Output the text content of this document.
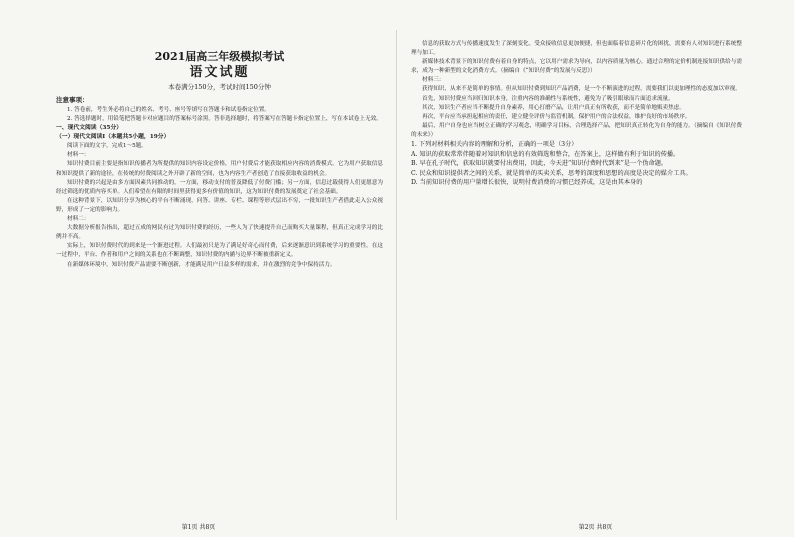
2021届高三年级模拟考试
语文试题
本卷满分150分，考试时间150分钟
注意事项：

1. 答卷前，考生务必将自己的姓名、考号、座号等填写在答题卡和试卷指定位置。

2. 答选择题时，用铅笔把答题卡对应题目的答案标号涂黑。答非选择题时，将答案写在答题卡指定位置上，写在本试卷上无效。

一、现代文阅读（35分）

（一）现代文阅读Ⅰ（本题共5小题，19分）

阅读下面的文字，完成1～5题。

材料一：

知识付费目前主要是指知识传播者为所提供的知识内容设定价格，用户付费后才能获取相应内容的消费模式。它为用户获取信息和知识提供了新的途径，在传统的付费阅读之外开辟了新的空间，也为内容生产者创造了直接获取收益的机会。

知识付费的兴起是由多方面因素共同推动的。一方面，移动支付的普及降低了付费门槛；另一方面，信息过载使得人们更愿意为经过筛选的优质内容买单。人们希望在有限的时间里获得更多有价值的知识，这为知识付费的发展奠定了社会基础。

在这种背景下，以知识分享为核心的平台不断涌现，问答、讲座、专栏、课程等形式层出不穷，一批知识生产者借此走入公众视野，形成了一定的影响力。

材料二：

大数据分析报告指出，超过五成的网民有过为知识付费的经历，一些人为了快速提升自己而购买大量课程，但真正完成学习的比例并不高。

实际上，知识付费时代的到来是一个渐进过程。人们最初只是为了满足好奇心而付费，后来逐渐意识到系统学习的重要性。在这一过程中，平台、作者和用户之间的关系也在不断调整，知识付费的内涵与边界不断被重新定义。

在新媒体环境中，知识付费产品需要不断创新，才能满足用户日益多样的需求，并在激烈的竞争中保持活力。

第1页 共8页

信息的获取方式与传播速度发生了深刻变化。受众接收信息更加便捷，但也面临着信息碎片化的困扰，需要有人对知识进行系统整理与加工。

新媒体技术背景下的知识付费有着自身的特点，它以用户需求为导向，以内容质量为核心，通过合理的定价机制连接知识供给与需求，成为一种新型的文化消费方式。（摘编自《“知识付费”的发展与反思》）

材料三：

获得知识，从来不是简单的事情。但从知识付费到知识产品消费，是一个不断演进的过程，需要我们以更加理性的态度加以审视。

首先，知识付费应当回归知识本身，注重内容的准确性与系统性，避免为了吸引眼球而片面追求流量。

其次，知识生产者应当不断提升自身素养，用心打磨产品，让用户真正有所收获，而不是简单地贩卖焦虑。

再次，平台应当承担起相应的责任，建立健全评价与监管机制，保护用户的合法权益，维护良好的市场秩序。

最后，用户自身也应当树立正确的学习观念，明确学习目标，合理选择产品，把知识真正转化为自身的能力。（摘编自《知识付费的未来》）

1. 下列对材料相关内容的理解和分析，正确的一项是（3分）

A. 知识的获取常常伴随着对知识和信息的有效筛选和整合，在答案上，这样做有利于知识的传播。

B. 早在孔子时代，获取知识就要付出费用，因此，今天进“知识付费时代到来”是一个伪命题。

C. 民众和知识提供者之间的关系，就是简单的买卖关系，思考的深度和思想的高度是决定的媒介工具。

D. 当前知识付费的用户量增长很快，说明付费消费的习惯已经养成，这是由其本身的

第2页 共8页
